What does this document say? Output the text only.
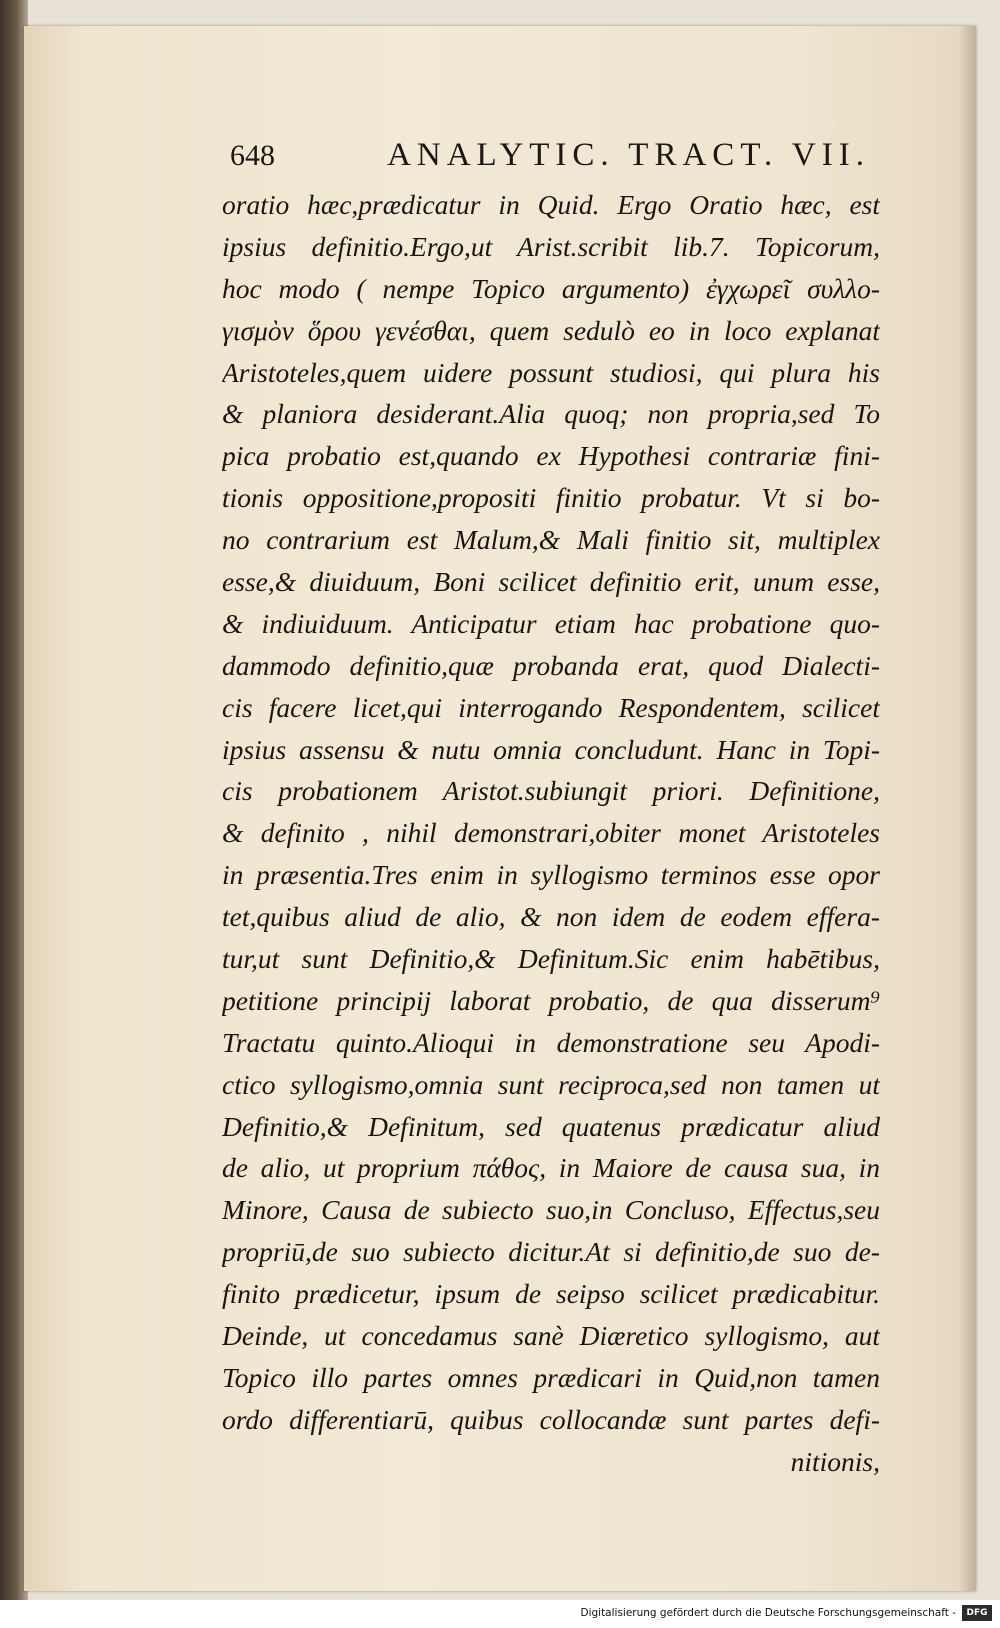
648	ANALYTIC. TRACT. VII.
oratio hæc,prædicatur in Quid. Ergo Oratio hæc, est
ipsius definitio.Ergo,ut Arist.scribit lib.7. Topicorum,
hoc modo ( nempe Topico argumento) ἐγχωρεῖ συλλο-
γισμὸν ὅρου γενέσθαι, quem sedulò eo in loco explanat
Aristoteles,quem uidere possunt studiosi, qui plura his
& planiora desiderant.Alia quoq; non propria,sed To
pica probatio est,quando ex Hypothesi contrariæ fini-
tionis oppositione,propositi finitio probatur. Vt si bo-
no contrarium est Malum,& Mali finitio sit, multiplex
esse,& diuiduum, Boni scilicet definitio erit, unum esse,
& indiuiduum. Anticipatur etiam hac probatione quo-
dammodo definitio,quæ probanda erat, quod Dialecti-
cis facere licet,qui interrogando Respondentem, scilicet
ipsius assensu & nutu omnia concludunt. Hanc in Topi-
cis probationem Aristot.subiungit priori. Definitione,
& definito , nihil demonstrari,obiter monet Aristoteles
in præsentia.Tres enim in syllogismo terminos esse opor
tet,quibus aliud de alio, & non idem de eodem effera-
tur,ut sunt Definitio,& Definitum.Sic enim habētibus,
petitione principij laborat probatio, de qua disserum⁹
Tractatu quinto.Alioqui in demonstratione seu Apodi-
ctico syllogismo,omnia sunt reciproca,sed non tamen ut
Definitio,& Definitum, sed quatenus prædicatur aliud
de alio, ut proprium πάθος, in Maiore de causa sua, in
Minore, Causa de subiecto suo,in Concluso, Effectus,seu
propriū,de suo subiecto dicitur.At si definitio,de suo de-
finito prædicetur, ipsum de seipso scilicet prædicabitur.
Deinde, ut concedamus sanè Diæretico syllogismo, aut
Topico illo partes omnes prædicari in Quid,non tamen
ordo differentiarū, quibus collocandæ sunt partes defi-
nitionis,
Digitalisierung gefördert durch die Deutsche Forschungsgemeinschaft -	DFG
